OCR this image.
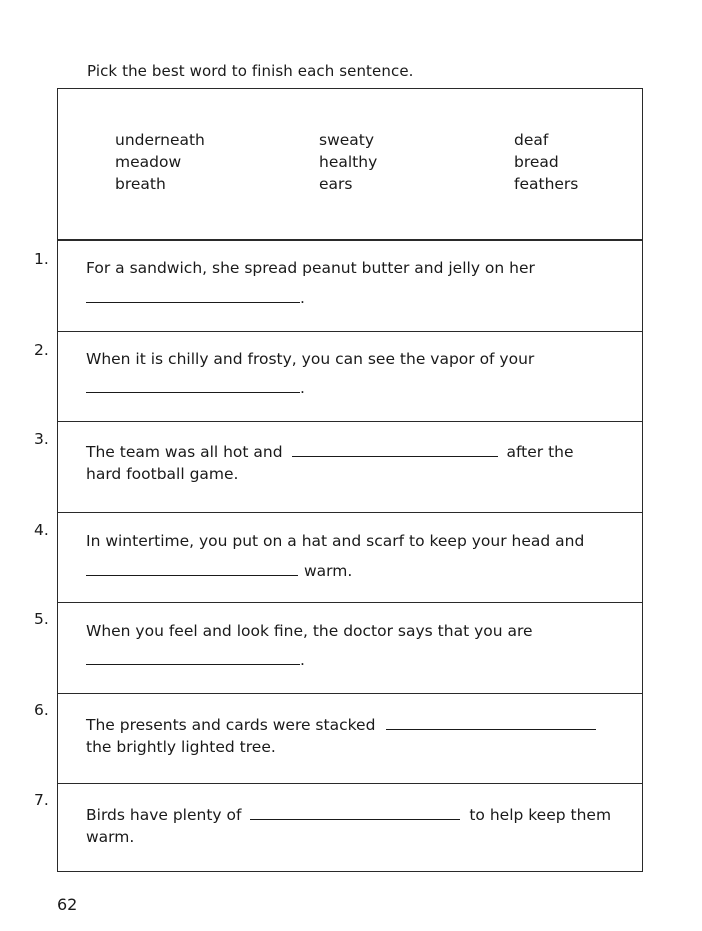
Pick the best word to finish each sentence.
1.
2.
3.
4.
5.
6.
7.
underneath
meadow
breath
sweaty
healthy
ears
deaf
bread
feathers
For a sandwich, she spread peanut butter and jelly on her
.
When it is chilly and frosty, you can see the vapor of your
.
The team was all hot and	after the
hard football game.
In wintertime, you put on a hat and scarf to keep your head and
warm.
When you feel and look fine, the doctor says that you are
.
The presents and cards were stacked
the brightly lighted tree.
Birds have plenty of	to help keep them
warm.
62
